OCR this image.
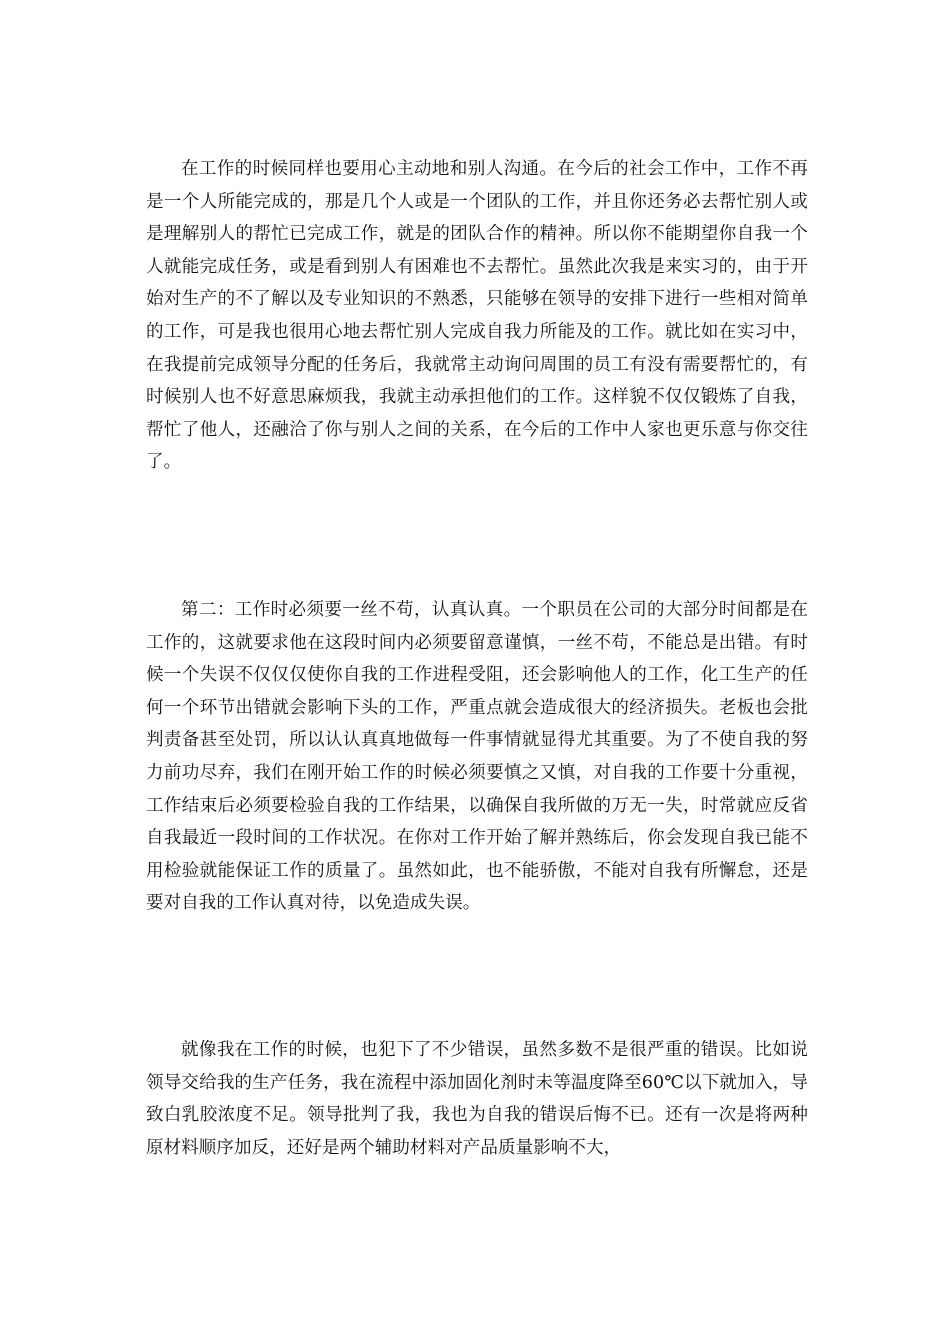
在工作的时候同样也要用心主动地和别人沟通。在今后的社会工作中，工作不再是一个人所能完成的，那是几个人或是一个团队的工作，并且你还务必去帮忙别人或是理解别人的帮忙已完成工作，就是的团队合作的精神。所以你不能期望你自我一个人就能完成任务，或是看到别人有困难也不去帮忙。虽然此次我是来实习的，由于开始对生产的不了解以及专业知识的不熟悉，只能够在领导的安排下进行一些相对简单的工作，可是我也很用心地去帮忙别人完成自我力所能及的工作。就比如在实习中，在我提前完成领导分配的任务后，我就常主动询问周围的员工有没有需要帮忙的，有时候别人也不好意思麻烦我，我就主动承担他们的工作。这样貌不仅仅锻炼了自我，帮忙了他人，还融洽了你与别人之间的关系，在今后的工作中人家也更乐意与你交往了。

第二：工作时必须要一丝不苟，认真认真。一个职员在公司的大部分时间都是在工作的，这就要求他在这段时间内必须要留意谨慎，一丝不苟，不能总是出错。有时候一个失误不仅仅仅使你自我的工作进程受阻，还会影响他人的工作，化工生产的任何一个环节出错就会影响下头的工作，严重点就会造成很大的经济损失。老板也会批判责备甚至处罚，所以认认真真地做每一件事情就显得尤其重要。为了不使自我的努力前功尽弃，我们在刚开始工作的时候必须要慎之又慎，对自我的工作要十分重视，工作结束后必须要检验自我的工作结果，以确保自我所做的万无一失，时常就应反省自我最近一段时间的工作状况。在你对工作开始了解并熟练后，你会发现自我已能不用检验就能保证工作的质量了。虽然如此，也不能骄傲，不能对自我有所懈怠，还是要对自我的工作认真对待，以免造成失误。

就像我在工作的时候，也犯下了不少错误，虽然多数不是很严重的错误。比如说领导交给我的生产任务，我在流程中添加固化剂时未等温度降至60℃以下就加入，导致白乳胶浓度不足。领导批判了我，我也为自我的错误后悔不已。还有一次是将两种原材料顺序加反，还好是两个辅助材料对产品质量影响不大，
